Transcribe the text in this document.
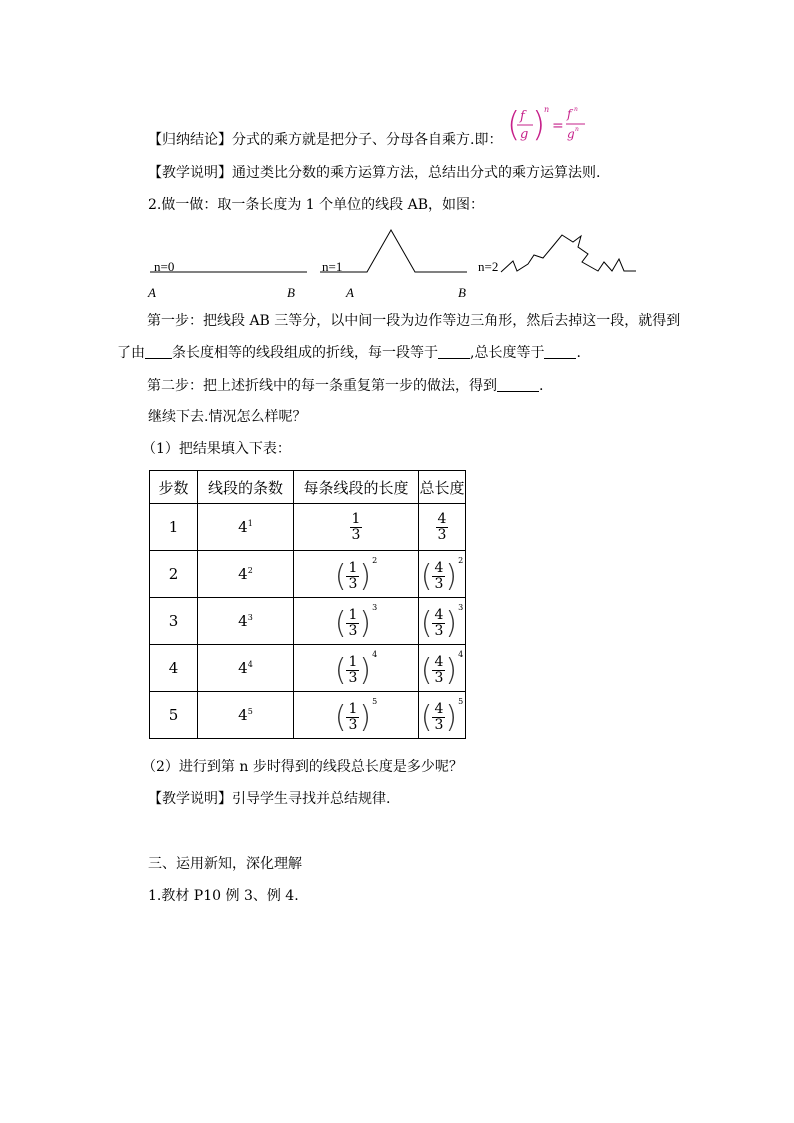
( f
g )
n
=
f n
g n
【归纳结论】分式的乘方就是把分子、分母各自乘方.即：
【教学说明】通过类比分数的乘方运算方法，总结出分式的乘方运算法则.
2.做一做：取一条长度为 1 个单位的线段 AB，如图：
n=0	n=1	n=2
A	B	A	B
第一步：把线段 AB 三等分，以中间一段为边作等边三角形，然后去掉这一段，就得到
了由 条长度相等的线段组成的折线，每一段等于 ,总长度等于 .
第二步：把上述折线中的每一条重复第一步的做法，得到	.
继续下去.情况怎么样呢？
（1）把结果填入下表：
步数	线段的条数	每条线段的长度	总长度
1	$4^1$	$\frac{1}{3}$	$\frac{4}{3}$

2	$4^2$	( $\frac{1}{3} )^2$	( $\frac{4}{3} )^2$
3	$4^3$	( $\frac{1}{3} )^3$	( $\frac{4}{3} )^3$
4	$4^4$	( $\frac{1}{3} )^4$	( $\frac{4}{3} )^4$
5	$4^5$	( $\frac{1}{3} )^5$	( $\frac{4}{3} )^5$
（2）进行到第 n 步时得到的线段总长度是多少呢？
【教学说明】引导学生寻找并总结规律.
三、运用新知，深化理解
1.教材 P10 例 3、例 4.
